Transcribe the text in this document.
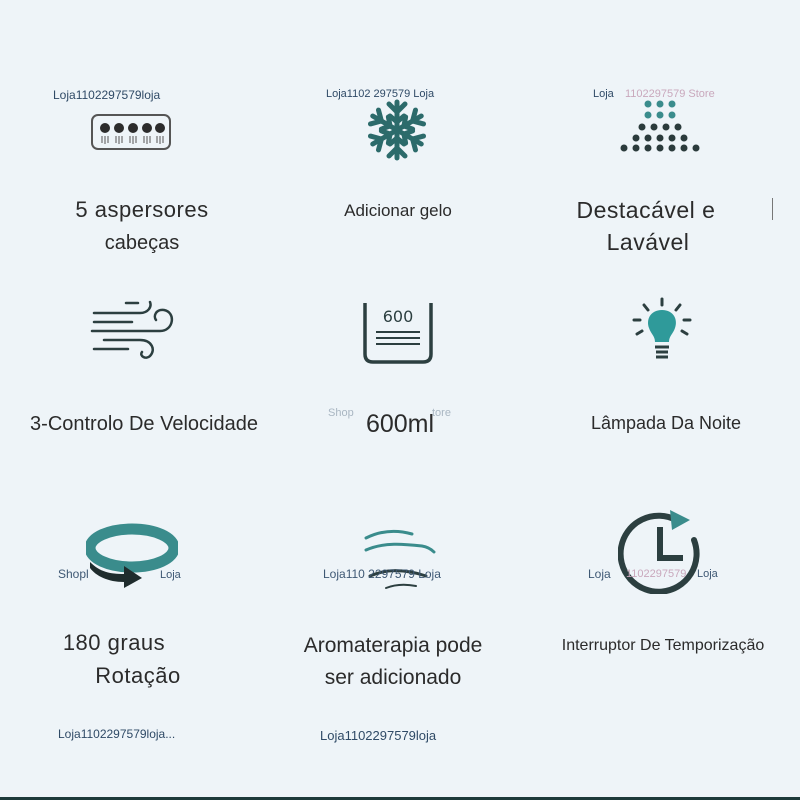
Loja1102297579loja	Loja1102 297579 Loja	Loja 1102297579 Store
5 aspersores
cabeças
Adicionar gelo	Destacável e
Lavável
600
3-Controlo De Velocidade	Shop	tore
600ml	Lâmpada Da Noite
Shopl	Loja	Loja110 2297579 Loja	Loja 1102297579 Loja
180 graus
Rotação
Aromaterapia pode
ser adicionado
Interruptor De Temporização
Loja1102297579loja...	Loja1102297579loja
